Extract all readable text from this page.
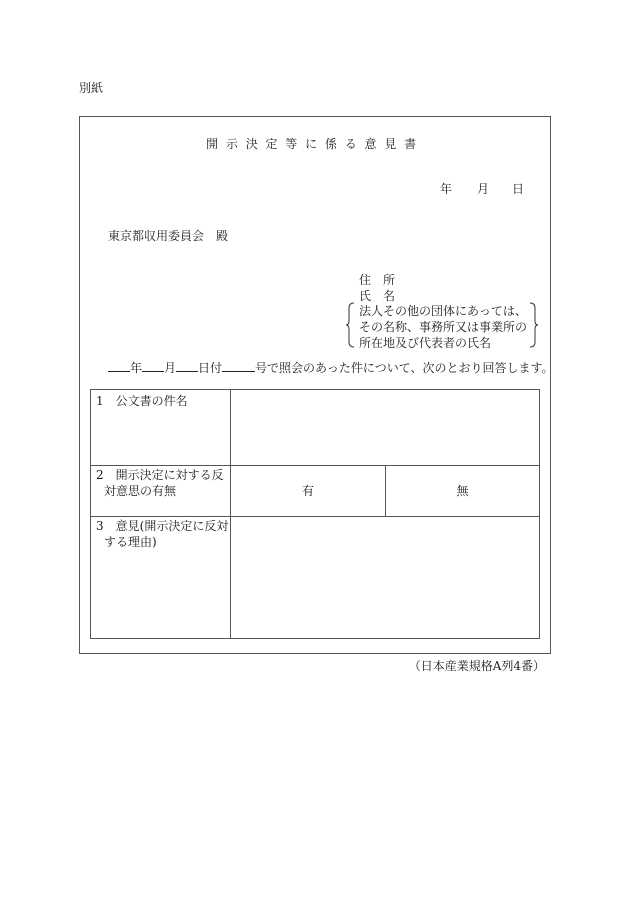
別紙
開示決定等に係る意見書
年 月 日
東京都収用委員会　殿
住　所
氏　名
法人その他の団体にあっては、
その名称、事務所又は事業所の
所在地及び代表者の氏名
年 月 日付	号で照会のあった件について、次のとおり回答します。
1　公文書の件名
2　開示決定に対する反
対意思の有無	有	無
3　意見(開示決定に反対
する理由)
（日本産業規格A列4番）
